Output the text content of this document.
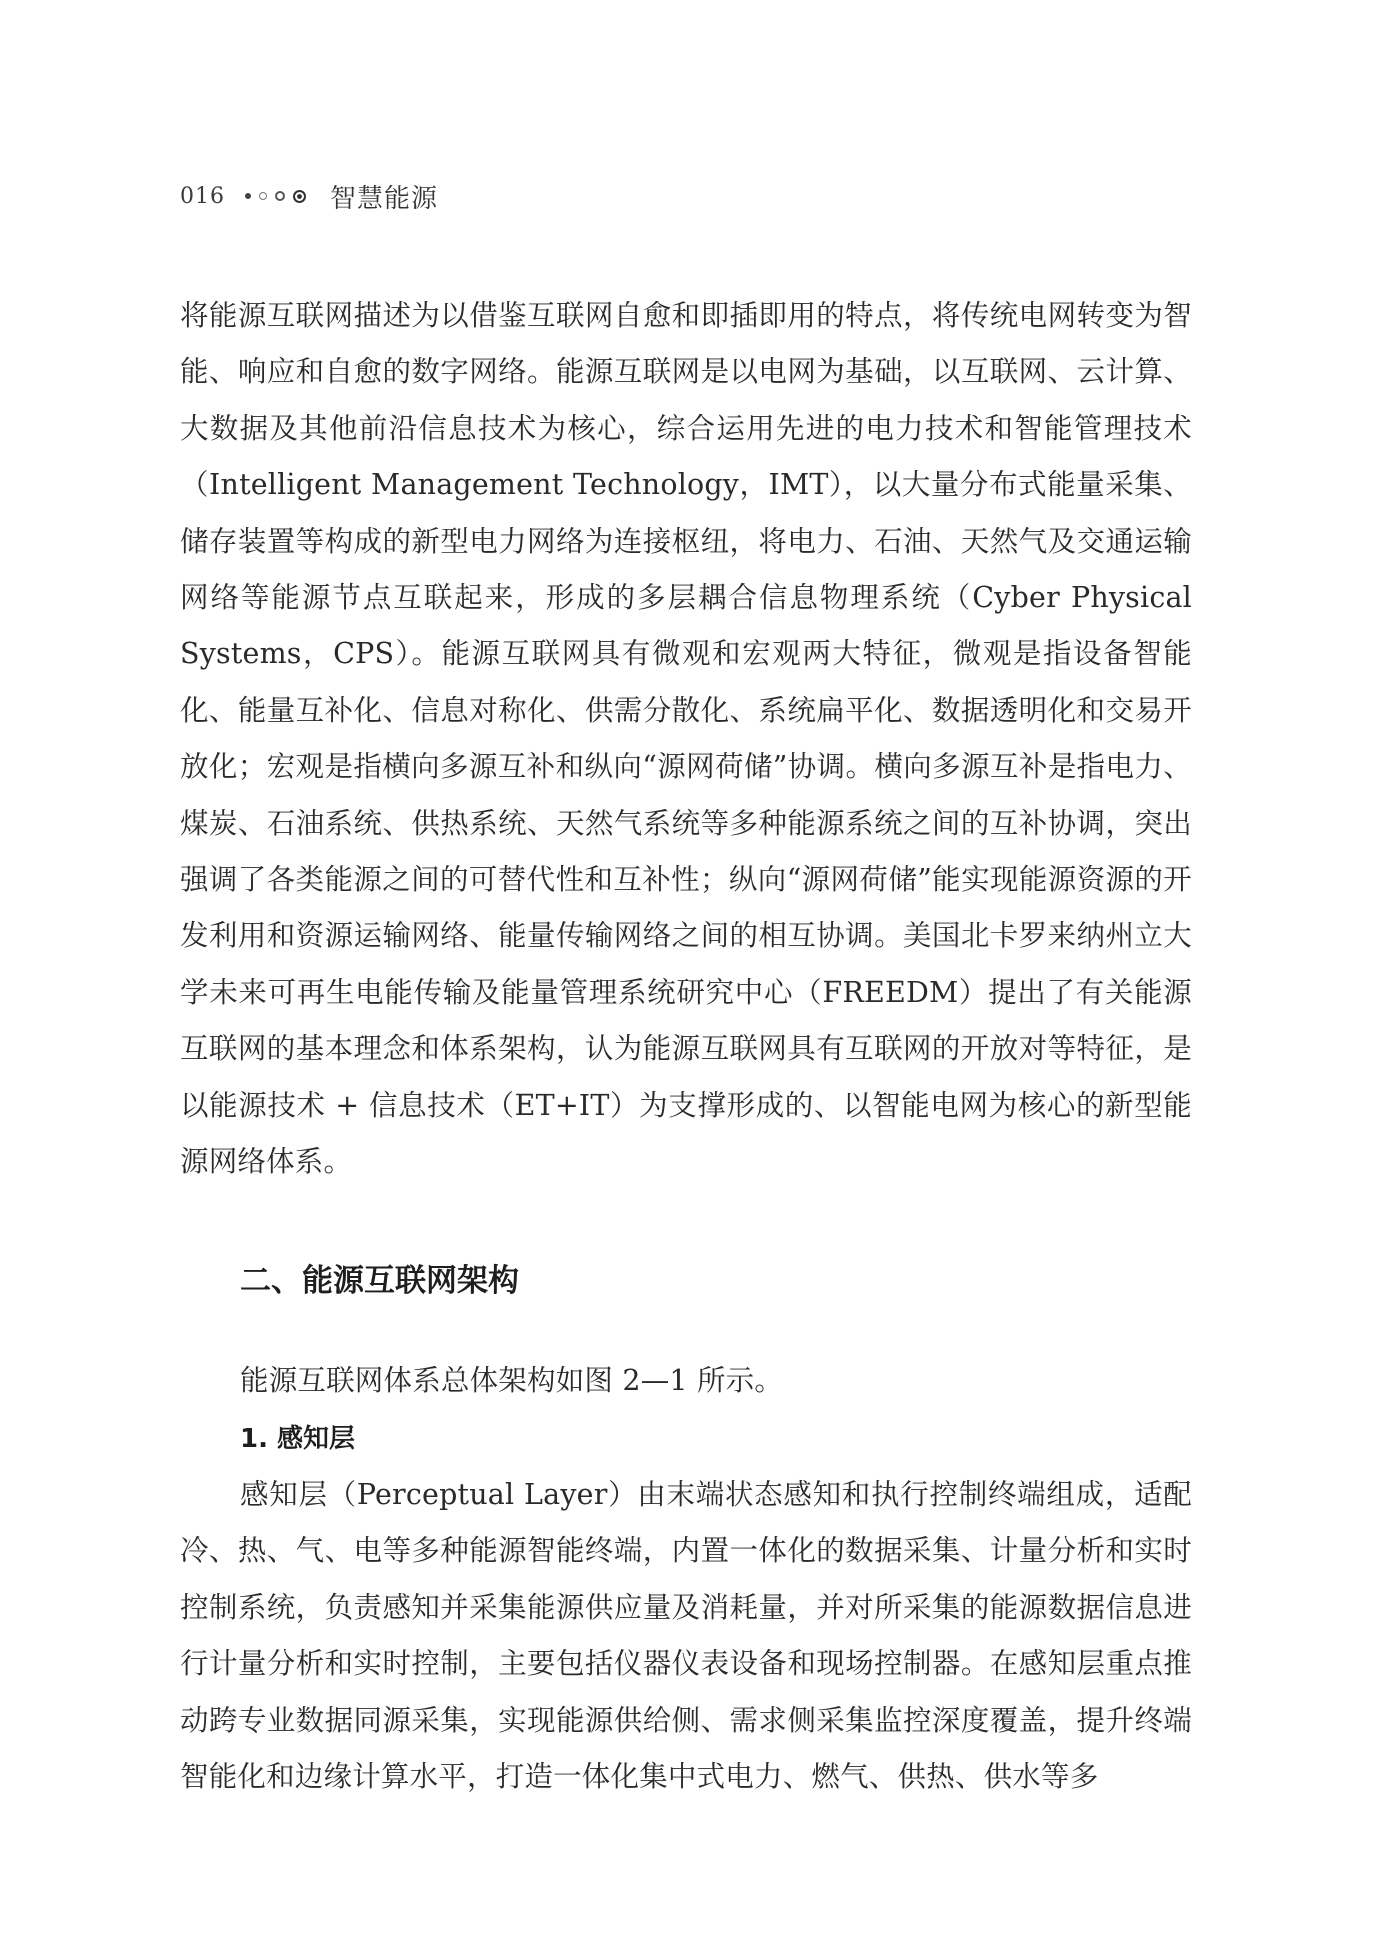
016	智慧能源

将能源互联网描述为以借鉴互联网自愈和即插即用的特点，将传统电网转变为智能、响应和自愈的数字网络。能源互联网是以电网为基础，以互联网、云计算、大数据及其他前沿信息技术为核心，综合运用先进的电力技术和智能管理技术（Intelligent Management Technology，IMT），以大量分布式能量采集、储存装置等构成的新型电力网络为连接枢纽，将电力、石油、天然气及交通运输网络等能源节点互联起来，形成的多层耦合信息物理系统（Cyber Physical Systems，CPS）。能源互联网具有微观和宏观两大特征，微观是指设备智能化、能量互补化、信息对称化、供需分散化、系统扁平化、数据透明化和交易开放化；宏观是指横向多源互补和纵向“源网荷储”协调。横向多源互补是指电力、煤炭、石油系统、供热系统、天然气系统等多种能源系统之间的互补协调，突出强调了各类能源之间的可替代性和互补性；纵向“源网荷储”能实现能源资源的开发利用和资源运输网络、能量传输网络之间的相互协调。美国北卡罗来纳州立大学未来可再生电能传输及能量管理系统研究中心（FREEDM）提出了有关能源互联网的基本理念和体系架构，认为能源互联网具有互联网的开放对等特征，是以能源技术 + 信息技术（ET+IT）为支撑形成的、以智能电网为核心的新型能源网络体系。

二、能源互联网架构

能源互联网体系总体架构如图 2—1 所示。

1. 感知层

感知层（Perceptual Layer）由末端状态感知和执行控制终端组成，适配冷、热、气、电等多种能源智能终端，内置一体化的数据采集、计量分析和实时控制系统，负责感知并采集能源供应量及消耗量，并对所采集的能源数据信息进行计量分析和实时控制，主要包括仪器仪表设备和现场控制器。在感知层重点推动跨专业数据同源采集，实现能源供给侧、需求侧采集监控深度覆盖，提升终端智能化和边缘计算水平，打造一体化集中式电力、燃气、供热、供水等多
